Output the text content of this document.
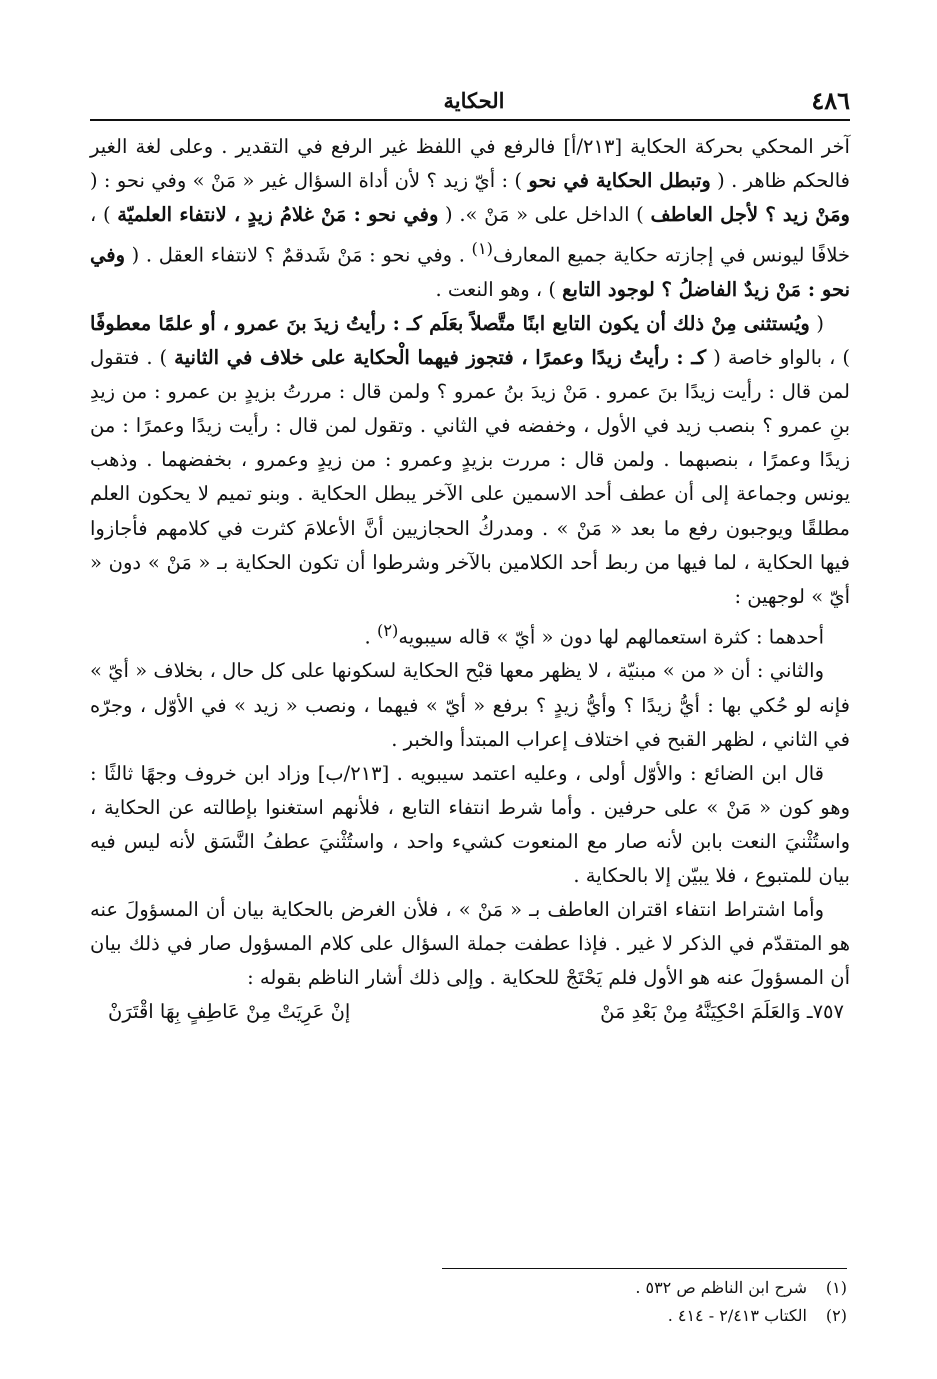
٤٨٦
الحكاية

آخر المحكي بحركة الحكاية [٢١٣/أ] فالرفع في اللفظ غير الرفع في التقدير . وعلى لغة الغير فالحكم ظاهر . ( وتبطل الحكاية في نحو ) : أيّ زيد ؟ لأن أداة السؤال غير « مَنْ » وفي نحو : ( ومَنْ زيد ؟ لأجل العاطف ) الداخل على « مَنْ ». ( وفي نحو : مَنْ غلامُ زيدٍ ، لانتفاء العلميّة ) ، خلافًا ليونس في إجازته حكاية جميع المعارف$^{(١)}$ . وفي نحو : مَنْ شَدقمٌ ؟ لانتفاء العقل . ( وفي نحو : مَنْ زيدٌ الفاضلُ ؟ لوجود التابع ) ، وهو النعت .

( ويُستثنى مِنْ ذلك أن يكون التابع ابنًا متَّصلاً بعَلَم كـ : رأيتُ زيدَ بنَ عمرو ، أو علمًا معطوفًا ) ، بالواو خاصة ( كـ : رأيتُ زيدًا وعمرًا ، فتجوز فيهما الْحكاية على خلاف في الثانية ) . فتقول لمن قال : رأيت زيدًا بنَ عمرو . مَنْ زيدَ بنُ عمرو ؟ ولمن قال : مررتُ بزيدٍ بن عمرو : من زيدِ بنِ عمرو ؟ بنصب زيد في الأول ، وخفضه في الثاني . وتقول لمن قال : رأيت زيدًا وعمرًا : من زيدًا وعمرًا ، بنصبهما . ولمن قال : مررت بزيدٍ وعمرو : من زيدٍ وعمرو ، بخفضهما . وذهب يونس وجماعة إلى أن عطف أحد الاسمين على الآخر يبطل الحكاية . وبنو تميم لا يحكون العلم مطلقًا ويوجبون رفع ما بعد « مَنْ » . ومدركُ الحجازيين أنَّ الأعلامَ كثرت في كلامهم فأجازوا فيها الحكاية ، لما فيها من ربط أحد الكلامين بالآخر وشرطوا أن تكون الحكاية بـ « مَنْ » دون « أيّ » لوجهين :

أحدهما : كثرة استعمالهم لها دون « أيّ » قاله سيبويه$^{(٢)}$ .

والثاني : أن « من » مبنيّة ، لا يظهر معها قبْح الحكاية لسكونها على كل حال ، بخلاف « أيّ » فإنه لو حُكي بها : أيُّ زيدًا ؟ وأيُّ زيدٍ ؟ برفع « أيّ » فيهما ، ونصب « زيد » في الأوّل ، وجرّه في الثاني ، لظهر القبح في اختلاف إعراب المبتدأ والخبر .

قال ابن الضائع : والأوّل أولى ، وعليه اعتمد سيبويه . [٢١٣/ب] وزاد ابن خروف وجهًا ثالثًا : وهو كون « مَنْ » على حرفين . وأما شرط انتفاء التابع ، فلأنهم استغنوا بإطالته عن الحكاية ، واستُثْنيَ النعت بابن لأنه صار مع المنعوت كشيء واحد ، واستُثْنيَ عطفُ النَّسَق لأنه ليس فيه بيان للمتبوع ، فلا يبيّن إلا بالحكاية .

وأما اشتراط انتفاء اقتران العاطف بـ « مَنْ » ، فلأن الغرض بالحكاية بيان أن المسؤولَ عنه هو المتقدّم في الذكر لا غير . فإذا عطفت جملة السؤال على كلام المسؤول صار في ذلك بيان أن المسؤولَ عنه هو الأول فلم يَحْتَجْ للحكاية . وإلى ذلك أشار الناظم بقوله :

٧٥٧ـ وَالعَلَمَ احْكِيَنَّهُ مِنْ بَعْدِ مَنْ
إنْ عَرِيَتْ مِنْ عَاطِفٍ بِهَا اقْتَرَنْ
(١)
شرح ابن الناظم ص ٥٣٢ .
(٢)
الكتاب ٢/٤١٣ - ٤١٤ .
